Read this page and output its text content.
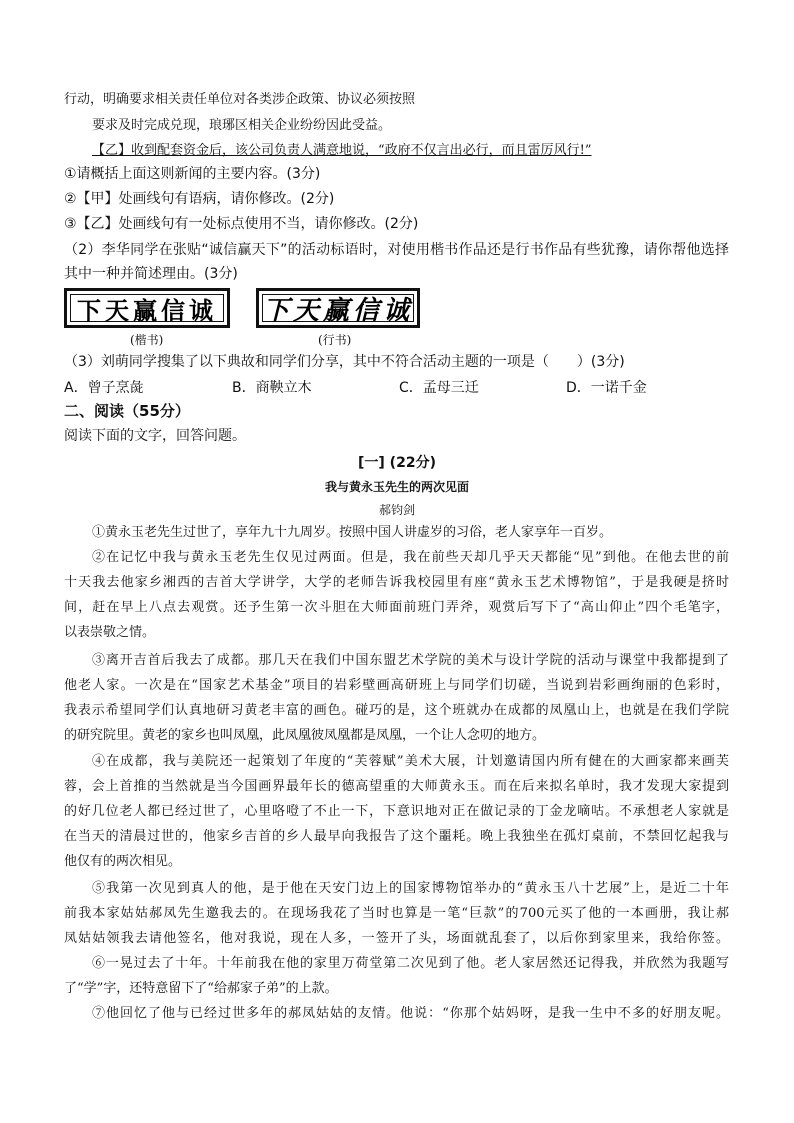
行动，明确要求相关责任单位对各类涉企政策、协议必须按照
要求及时完成兑现，琅琊区相关企业纷纷因此受益。
【乙】收到配套资金后，该公司负责人满意地说，“政府不仅言出必行，而且雷厉风行!”
①请概括上面这则新闻的主要内容。(3分)
②【甲】处画线句有语病，请你修改。(2分)
③【乙】处画线句有一处标点使用不当，请你修改。(2分)
（2）李华同学在张贴“诚信赢天下”的活动标语时，对使用楷书作品还是行书作品有些犹豫，请你帮他选择
其中一种并简述理由。(3分)
下天赢信诚
(楷书)
下天赢信诚
(行书)
（3）刘萌同学搜集了以下典故和同学们分享，其中不符合活动主题的一项是（　　）(3分)
A．曾子烹彘	B．商鞅立木	C．孟母三迁	D．一诺千金
二、阅读（55分）
阅读下面的文字，回答问题。
[一] (22分)
我与黄永玉先生的两次见面
郝钧剑
①黄永玉老先生过世了，享年九十九周岁。按照中国人讲虚岁的习俗，老人家享年一百岁。
②在记忆中我与黄永玉老先生仅见过两面。但是，我在前些天却几乎天天都能“见”到他。在他去世的前
十天我去他家乡湘西的吉首大学讲学，大学的老师告诉我校园里有座“黄永玉艺术博物馆”，于是我硬是挤时
间，赶在早上八点去观赏。还予生第一次斗胆在大师面前班门弄斧，观赏后写下了“高山仰止”四个毛笔字，
以表崇敬之情。
③离开吉首后我去了成都。那几天在我们中国东盟艺术学院的美术与设计学院的活动与课堂中我都提到了
他老人家。一次是在“国家艺术基金”项目的岩彩壁画高研班上与同学们切磋，当说到岩彩画绚丽的色彩时，
我表示希望同学们认真地研习黄老丰富的画色。碰巧的是，这个班就办在成都的凤凰山上，也就是在我们学院
的研究院里。黄老的家乡也叫凤凰，此凤凰彼凤凰都是凤凰，一个让人念叨的地方。
④在成都，我与美院还一起策划了年度的“芙蓉赋”美术大展，计划邀请国内所有健在的大画家都来画芙
蓉，会上首推的当然就是当今国画界最年长的德高望重的大师黄永玉。而在后来拟名单时，我才发现大家提到
的好几位老人都已经过世了，心里咯噔了不止一下，下意识地对正在做记录的丁金龙嘀咕。不承想老人家就是
在当天的清晨过世的，他家乡吉首的乡人最早向我报告了这个噩耗。晚上我独坐在孤灯桌前，不禁回忆起我与
他仅有的两次相见。
⑤我第一次见到真人的他，是于他在天安门边上的国家博物馆举办的“黄永玉八十艺展”上，是近二十年
前我本家姑姑郝凤先生邀我去的。在现场我花了当时也算是一笔“巨款”的700元买了他的一本画册，我让郝
凤姑姑领我去请他签名，他对我说，现在人多，一签开了头，场面就乱套了，以后你到家里来，我给你签。
⑥一晃过去了十年。十年前我在他的家里万荷堂第二次见到了他。老人家居然还记得我，并欣然为我题写
了“学”字，还特意留下了“给郝家子弟”的上款。
⑦他回忆了他与已经过世多年的郝凤姑姑的友情。他说：“你那个姑妈呀，是我一生中不多的好朋友呢。
